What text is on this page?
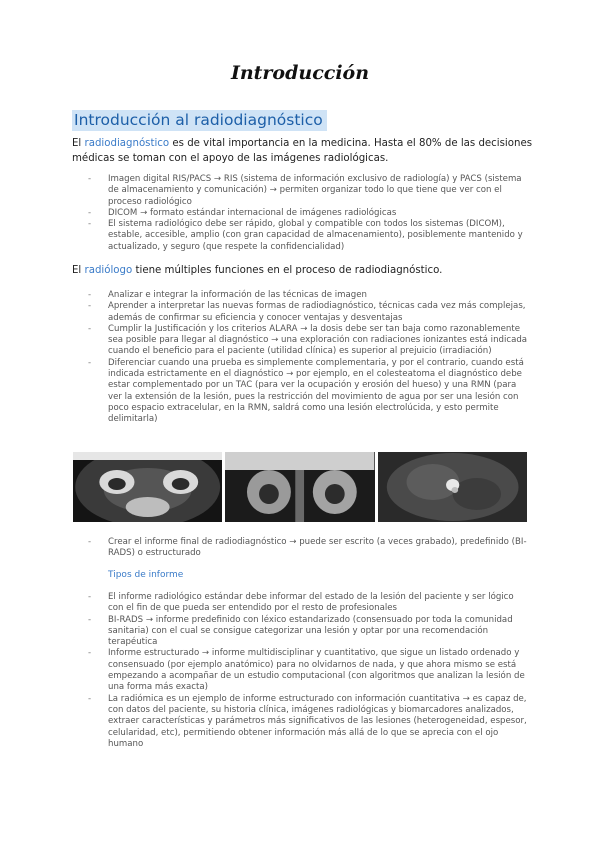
Introducción
Introducción al radiodiagnóstico
El radiodiagnóstico es de vital importancia en la medicina. Hasta el 80% de las decisiones médicas se toman con el apoyo de las imágenes radiológicas.
- Imagen digital RIS/PACS → RIS (sistema de información exclusivo de radiología) y PACS (sistema de almacenamiento y comunicación) → permiten organizar todo lo que tiene que ver con el proceso radiológico
- DICOM → formato estándar internacional de imágenes radiológicas
- El sistema radiológico debe ser rápido, global y compatible con todos los sistemas (DICOM), estable, accesible, amplio (con gran capacidad de almacenamiento), posiblemente mantenido y actualizado, y seguro (que respete la confidencialidad)
El radiólogo tiene múltiples funciones en el proceso de radiodiagnóstico.
- Analizar e integrar la información de las técnicas de imagen
- Aprender a interpretar las nuevas formas de radiodiagnóstico, técnicas cada vez más complejas, además de confirmar su eficiencia y conocer ventajas y desventajas
- Cumplir la Justificación y los criterios ALARA → la dosis debe ser tan baja como razonablemente sea posible para llegar al diagnóstico → una exploración con radiaciones ionizantes está indicada cuando el beneficio para el paciente (utilidad clínica) es superior al prejuicio (irradiación)
- Diferenciar cuando una prueba es simplemente complementaria, y por el contrario, cuando está indicada estrictamente en el diagnóstico → por ejemplo, en el colesteatoma el diagnóstico debe estar complementado por un TAC (para ver la ocupación y erosión del hueso) y una RMN (para ver la extensión de la lesión, pues la restricción del movimiento de agua por ser una lesión con poco espacio extracelular, en la RMN, saldrá como una lesión electrolúcida, y esto permite delimitarla)
- Crear el informe final de radiodiagnóstico → puede ser escrito (a veces grabado), predefinido (BI-RADS) o estructurado
Tipos de informe
- El informe radiológico estándar debe informar del estado de la lesión del paciente y ser lógico con el fin de que pueda ser entendido por el resto de profesionales
- BI-RADS → informe predefinido con léxico estandarizado (consensuado por toda la comunidad sanitaria) con el cual se consigue categorizar una lesión y optar por una recomendación terapéutica
- Informe estructurado → informe multidisciplinar y cuantitativo, que sigue un listado ordenado y consensuado (por ejemplo anatómico) para no olvidarnos de nada, y que ahora mismo se está empezando a acompañar de un estudio computacional (con algoritmos que analizan la lesión de una forma más exacta)
- La radiómica es un ejemplo de informe estructurado con información cuantitativa → es capaz de, con datos del paciente, su historia clínica, imágenes radiológicas y biomarcadores analizados, extraer características y parámetros más significativos de las lesiones (heterogeneidad, espesor, celularidad, etc), permitiendo obtener información más allá de lo que se aprecia con el ojo humano
